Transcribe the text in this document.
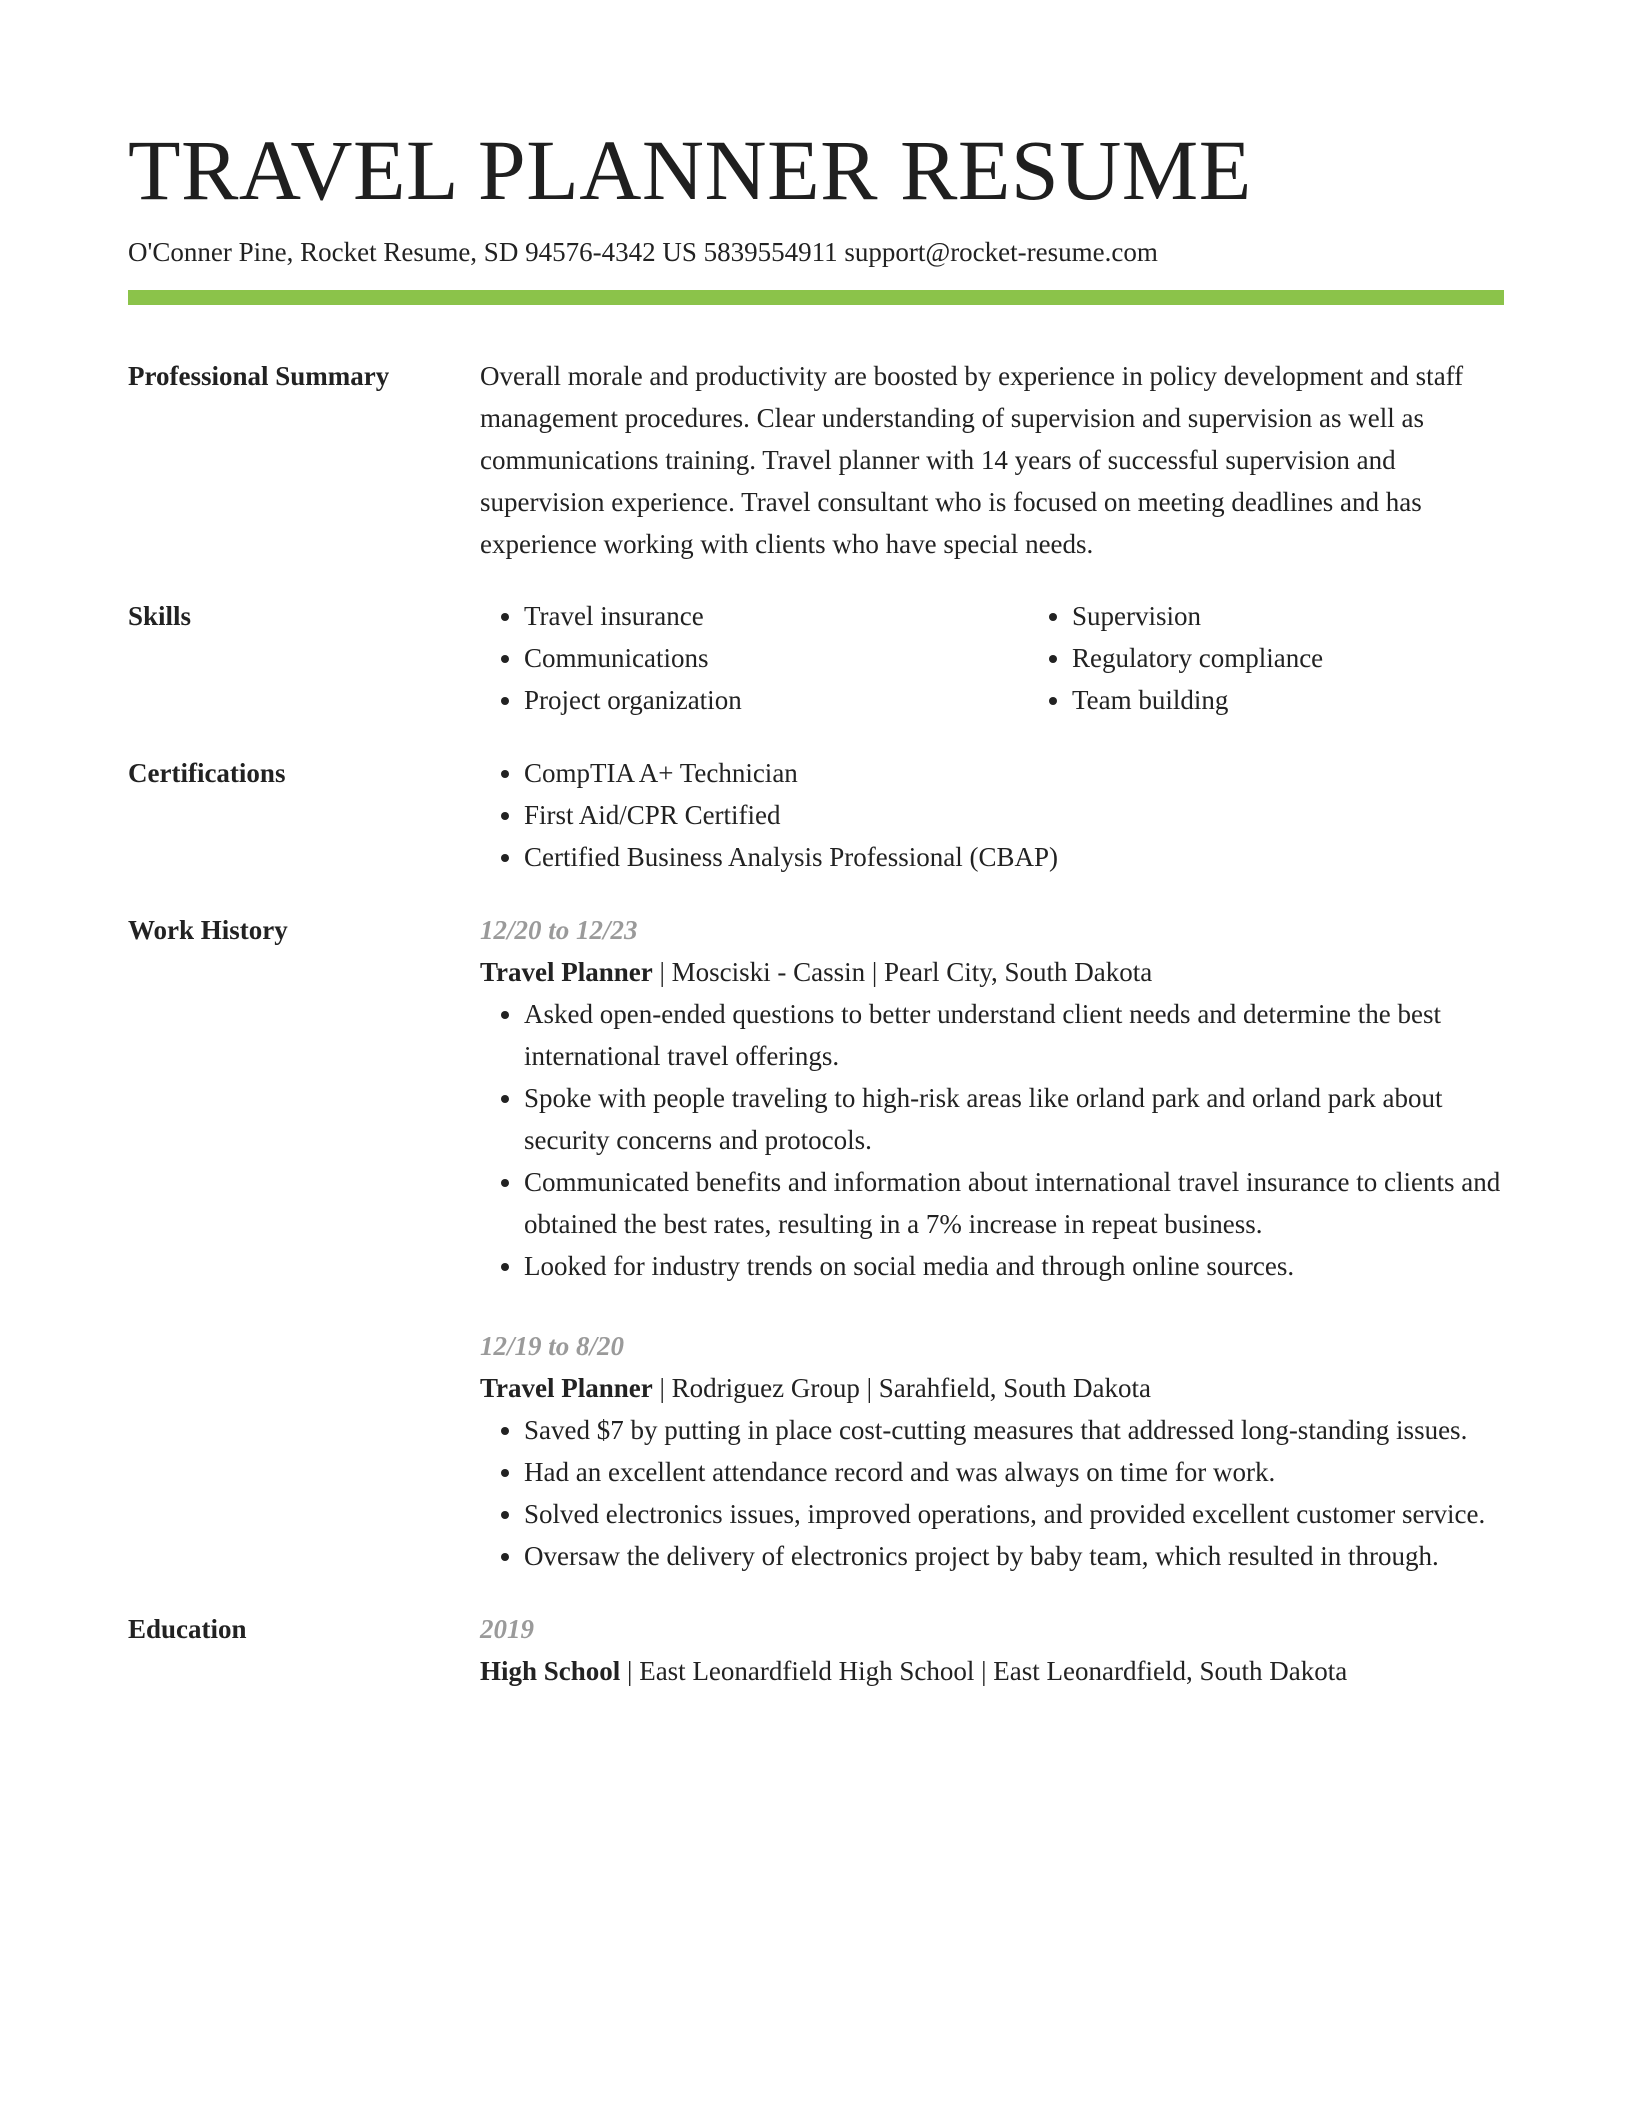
TRAVEL PLANNER RESUME
O'Conner Pine, Rocket Resume, SD 94576-4342 US 5839554911 support@rocket-resume.com
Professional Summary	Overall morale and productivity are boosted by experience in policy development and staff management procedures. Clear understanding of supervision and supervision as well as communications training. Travel planner with 14 years of successful supervision and supervision experience. Travel consultant who is focused on meeting deadlines and has experience working with clients who have special needs.

Skills	• Travel insurance
• Communications
• Project organization
• Supervision
• Regulatory compliance
• Team building
Certifications	• CompTIA A+ Technician
• First Aid/CPR Certified
• Certified Business Analysis Professional (CBAP)
Work History	12/20 to 12/23
Travel Planner | Mosciski - Cassin | Pearl City, South Dakota
• Asked open-ended questions to better understand client needs and determine the best international travel offerings.
• Spoke with people traveling to high-risk areas like orland park and orland park about security concerns and protocols.
• Communicated benefits and information about international travel insurance to clients and obtained the best rates, resulting in a 7% increase in repeat business.
• Looked for industry trends on social media and through online sources.
12/19 to 8/20
Travel Planner | Rodriguez Group | Sarahfield, South Dakota
• Saved $7 by putting in place cost-cutting measures that addressed long-standing issues.
• Had an excellent attendance record and was always on time for work.
• Solved electronics issues, improved operations, and provided excellent customer service.
• Oversaw the delivery of electronics project by baby team, which resulted in through.
Education	2019
High School | East Leonardfield High School | East Leonardfield, South Dakota
